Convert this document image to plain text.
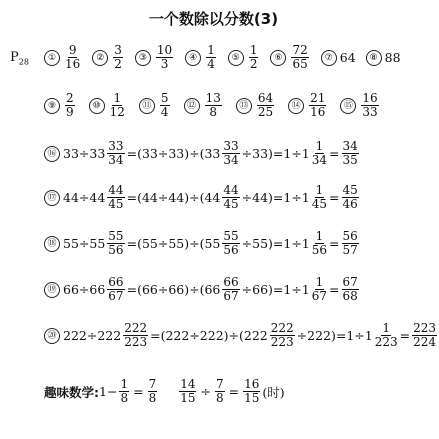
一个数除以分数(3)
$P_{28}$	①
9
16	②
3
2	③
10
3	④
1
4	⑤
1
2	⑥
72
65	⑦ 64	⑧ 88
⑨
2
9	⑩
1
12	⑪
5
4	⑫
13
8	⑬
64
25	⑭
21
16	⑮
16
33
⑯ $33\div 33 \frac{33}{34} = (33\div 33)\div(33 \frac{33}{34} \div 33)=1\div 1 \frac{1}{34} = \frac{34}{35}$
⑰ $44\div 44 \frac{44}{45} = (44\div 44)\div(44 \frac{44}{45} \div 44)=1\div 1 \frac{1}{45} = \frac{45}{46}$
⑱ $55\div 55 \frac{55}{56} = (55\div 55)\div(55 \frac{55}{56} \div 55)=1\div 1 \frac{1}{56} = \frac{56}{57}$
⑲ $66\div 66 \frac{66}{67} = (66\div 66)\div(66 \frac{66}{67} \div 66)=1\div 1 \frac{1}{67} = \frac{67}{68}$
⑳ $222\div 222 \frac{222}{223} = (222\div 222)\div(222 \frac{222}{223} \div 222)=1\div 1 \frac{1}{223} = \frac{223}{224}$
趣味数学: $1- \frac{1}{8} = \frac{7}{8} \frac{14}{15} \div \frac{7}{8} = \frac{16}{15}$ (时)
